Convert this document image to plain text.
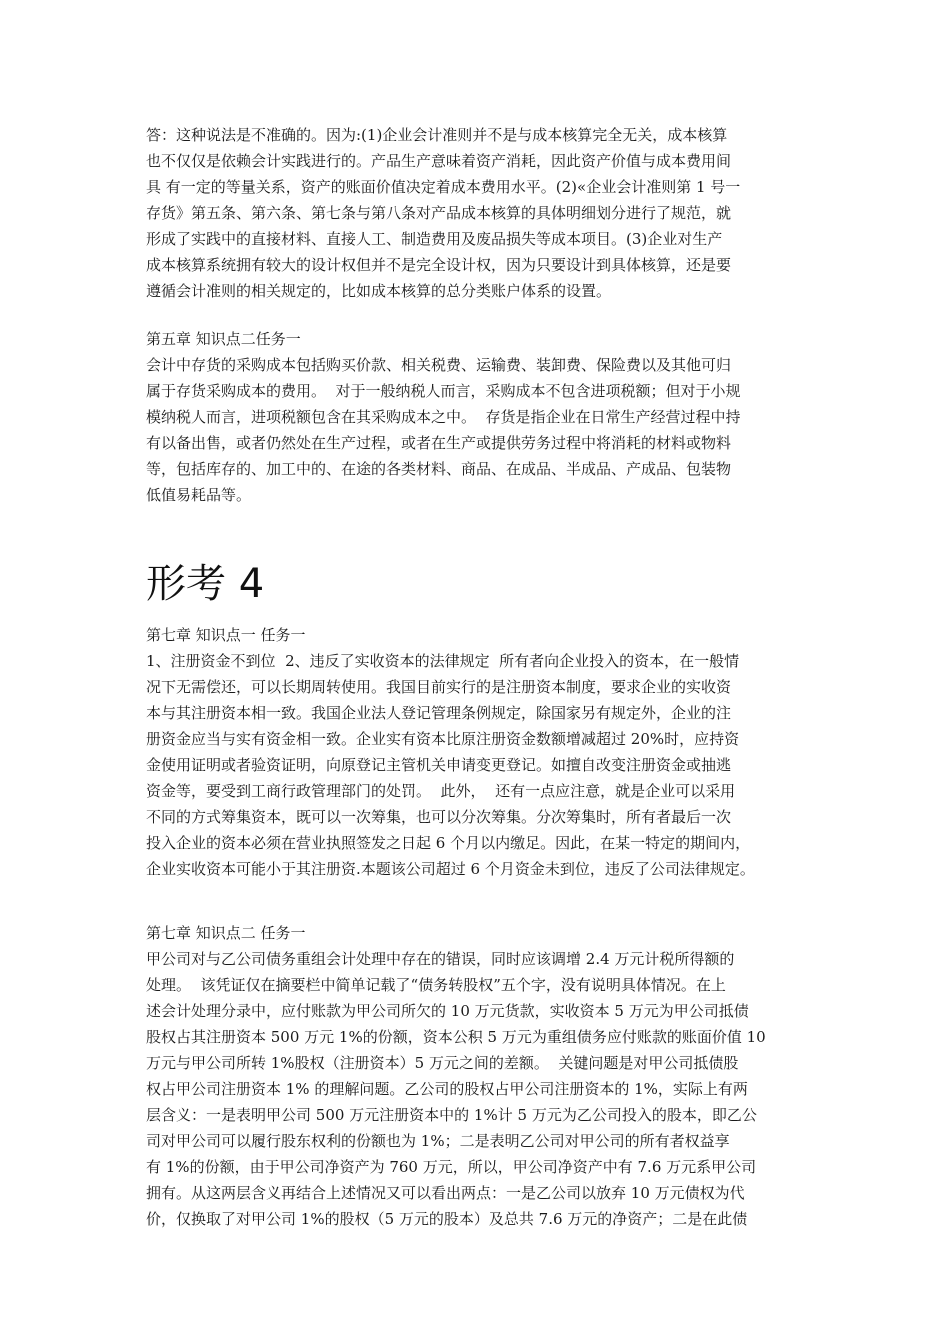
答：这种说法是不准确的。因为:(1)企业会计准则并不是与成本核算完全无关，成本核算

也不仅仅是依赖会计实践进行的。产品生产意味着资产消耗，因此资产价值与成本费用间

具 有一定的等量关系，资产的账面价值决定着成本费用水平。(2)«企业会计准则第 1 号一

存货》第五条、第六条、第七条与第八条对产品成本核算的具体明细划分进行了规范，就

形成了实践中的直接材料、直接人工、制造费用及废品损失等成本项目。(3)企业对生产

成本核算系统拥有较大的设计权但并不是完全设计权，因为只要设计到具体核算，还是要

遵循会计准则的相关规定的，比如成本核算的总分类账户体系的设置。

第五章 知识点二任务一

会计中存货的采购成本包括购买价款、相关税费、运输费、装卸费、保险费以及其他可归

属于存货采购成本的费用。  对于一般纳税人而言，采购成本不包含进项税额；但对于小规

模纳税人而言，进项税额包含在其采购成本之中。  存货是指企业在日常生产经营过程中持

有以备出售，或者仍然处在生产过程，或者在生产或提供劳务过程中将消耗的材料或物料

等，包括库存的、加工中的、在途的各类材料、商品、在成品、半成品、产成品、包装物

低值易耗品等。

形考 4

第七章 知识点一 任务一

1、注册资金不到位  2、违反了实收资本的法律规定  所有者向企业投入的资本，在一般情

况下无需偿还，可以长期周转使用。我国目前实行的是注册资本制度，要求企业的实收资

本与其注册资本相一致。我国企业法人登记管理条例规定，除国家另有规定外，企业的注

册资金应当与实有资金相一致。企业实有资本比原注册资金数额增减超过 20%时，应持资

金使用证明或者验资证明，向原登记主管机关申请变更登记。如擅自改变注册资金或抽逃

资金等，要受到工商行政管理部门的处罚。  此外，  还有一点应注意，就是企业可以采用

不同的方式筹集资本，既可以一次筹集，也可以分次筹集。分次筹集时，所有者最后一次

投入企业的资本必须在营业执照签发之日起 6 个月以内缴足。因此，在某一特定的期间内，

企业实收资本可能小于其注册资.本题该公司超过 6 个月资金未到位，违反了公司法律规定。

第七章 知识点二 任务一

甲公司对与乙公司债务重组会计处理中存在的错误，同时应该调增 2.4 万元计税所得额的

处理。  该凭证仅在摘要栏中简单记载了“债务转股权”五个字，没有说明具体情况。在上

述会计处理分录中，应付账款为甲公司所欠的 10 万元货款，实收资本 5 万元为甲公司抵债

股权占其注册资本 500 万元 1%的份额，资本公积 5 万元为重组债务应付账款的账面价值 10

万元与甲公司所转 1%股权（注册资本）5 万元之间的差额。  关键问题是对甲公司抵债股

权占甲公司注册资本 1% 的理解问题。乙公司的股权占甲公司注册资本的 1%，实际上有两

层含义：一是表明甲公司 500 万元注册资本中的 1%计 5 万元为乙公司投入的股本，即乙公

司对甲公司可以履行股东权利的份额也为 1%；二是表明乙公司对甲公司的所有者权益享

有 1%的份额，由于甲公司净资产为 760 万元，所以，甲公司净资产中有 7.6 万元系甲公司

拥有。从这两层含义再结合上述情况又可以看出两点：一是乙公司以放弃 10 万元债权为代

价，仅换取了对甲公司 1%的股权（5 万元的股本）及总共 7.6 万元的净资产；二是在此债
